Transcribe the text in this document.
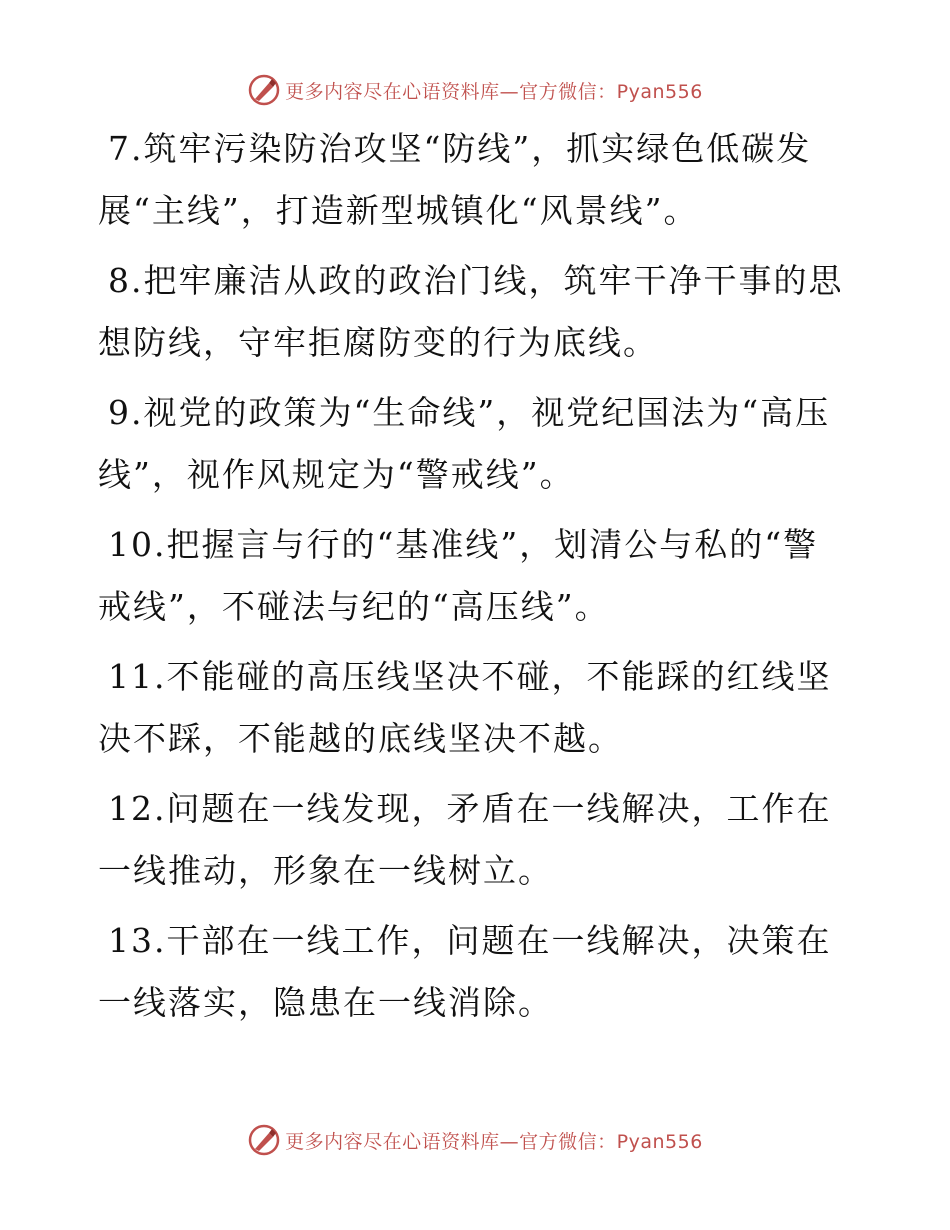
更多内容尽在心语资料库—官方微信：Pyan556

7.筑牢污染防治攻坚“防线”，抓实绿色低碳发展“主线”，打造新型城镇化“风景线”。

8.把牢廉洁从政的政治门线，筑牢干净干事的思想防线，守牢拒腐防变的行为底线。

9.视党的政策为“生命线”，视党纪国法为“高压线”，视作风规定为“警戒线”。

10.把握言与行的“基准线”，划清公与私的“警戒线”，不碰法与纪的“高压线”。

11.不能碰的高压线坚决不碰，不能踩的红线坚决不踩，不能越的底线坚决不越。

12.问题在一线发现，矛盾在一线解决，工作在一线推动，形象在一线树立。

13.干部在一线工作，问题在一线解决，决策在一线落实，隐患在一线消除。

更多内容尽在心语资料库—官方微信：Pyan556
